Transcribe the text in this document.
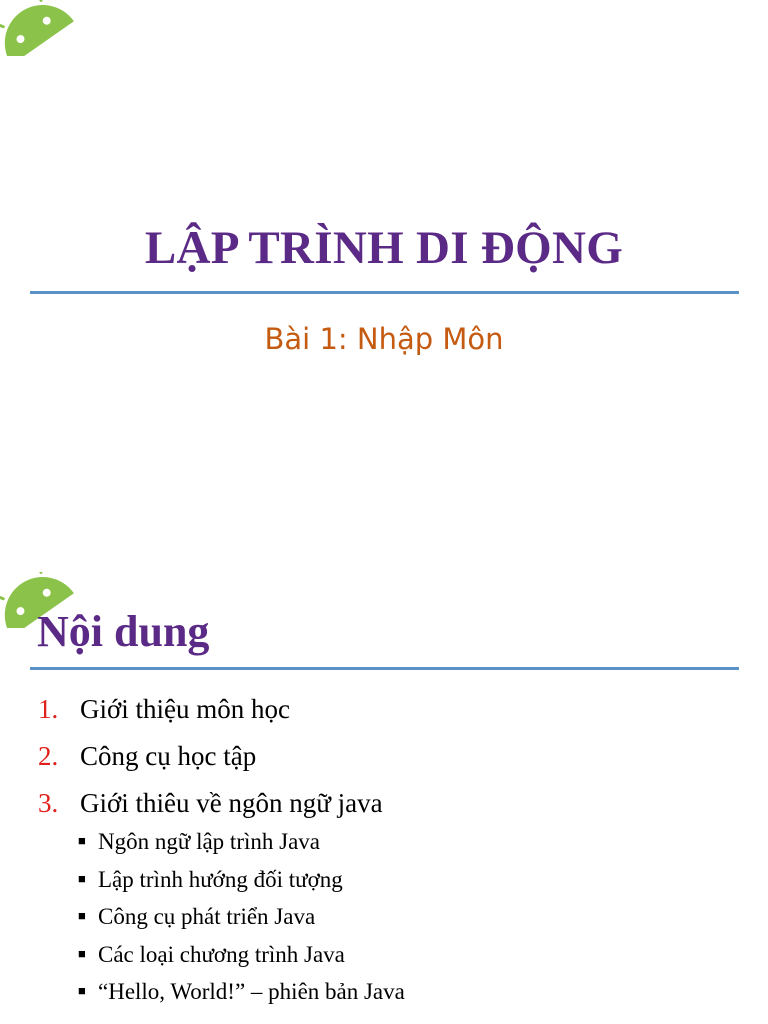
LẬP TRÌNH DI ĐỘNG
Bài 1: Nhập Môn
Nội dung
1. Giới thiệu môn học
2. Công cụ học tập
3. Giới thiêu về ngôn ngữ java
■ Ngôn ngữ lập trình Java
■ Lập trình hướng đối tượng
■ Công cụ phát triển Java
■ Các loại chương trình Java
■ “Hello, World!” – phiên bản Java
